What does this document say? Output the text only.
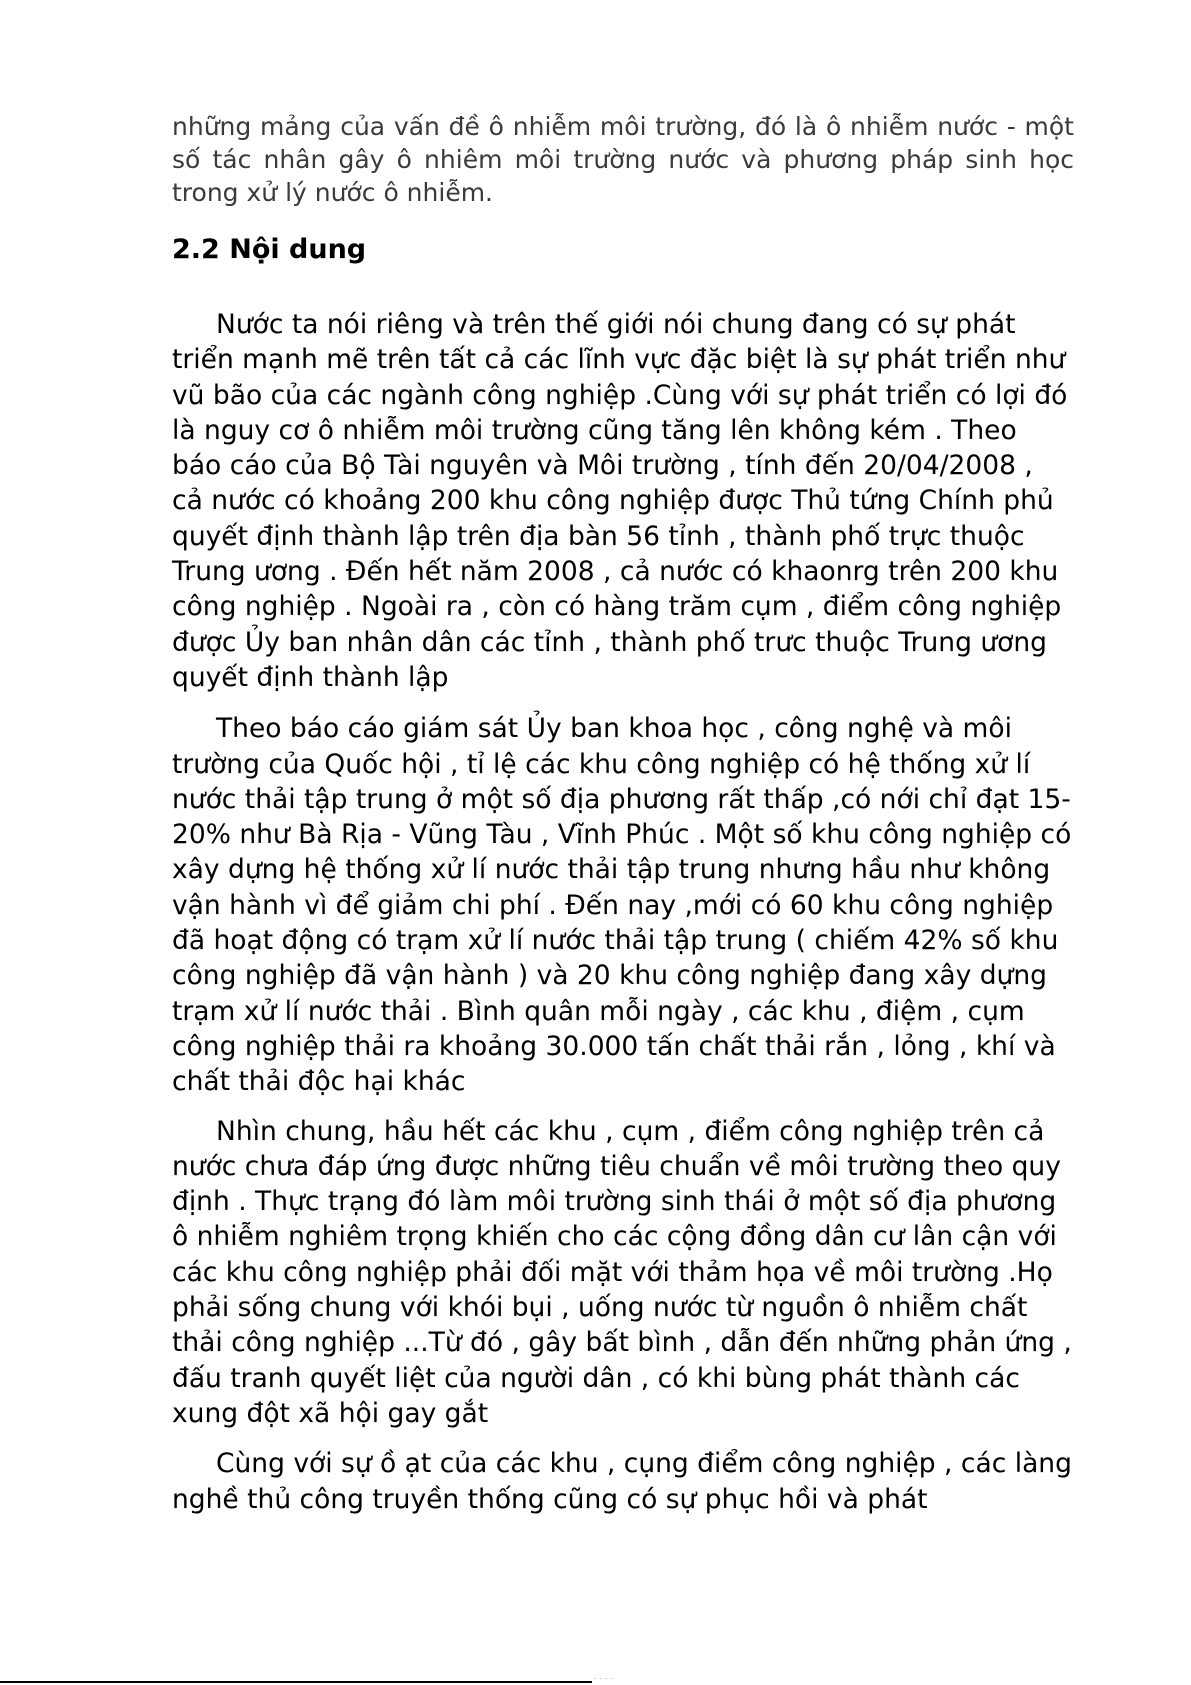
những mảng của vấn đề ô nhiễm môi trường, đó là ô nhiễm nước - một số tác nhân gây ô nhiêm môi trường nước và phương pháp sinh học trong xử lý nước ô nhiễm.

2.2 Nội dung

Nước ta nói riêng và trên thế giới nói chung đang có sự phát triển mạnh mẽ trên tất cả các lĩnh vực đặc biệt là sự phát triển như vũ bão của các ngành công nghiệp .Cùng với sự phát triển có lợi đó là nguy cơ ô nhiễm môi trường cũng tăng lên không kém . Theo báo cáo của Bộ Tài nguyên và Môi trường , tính đến 20/04/2008 , cả nước có khoảng 200 khu công nghiệp được Thủ tứng Chính phủ quyết định thành lập trên địa bàn 56 tỉnh , thành phố trực thuộc Trung ương . Đến hết năm 2008 , cả nước có khaonrg trên 200 khu công nghiệp . Ngoài ra , còn có hàng trăm cụm , điểm công nghiệp được Ủy ban nhân dân các tỉnh , thành phố trưc thuộc Trung ương quyết định thành lập

Theo báo cáo giám sát Ủy ban khoa học , công nghệ và môi trường của Quốc hội , tỉ lệ các khu công nghiệp có hệ thống xử lí nước thải tập trung ở một số địa phương rất thấp ,có nới chỉ đạt 15-20% như Bà Rịa - Vũng Tàu , Vĩnh Phúc . Một số khu công nghiệp có xây dựng hệ thống xử lí nước thải tập trung nhưng hầu như không vận hành vì để giảm chi phí . Đến nay ,mới có 60 khu công nghiệp đã hoạt động có trạm xử lí nước thải tập trung ( chiếm 42% số khu công nghiệp đã vận hành ) và 20 khu công nghiệp đang xây dựng trạm xử lí nước thải . Bình quân mỗi ngày , các khu , điệm , cụm công nghiệp thải ra khoảng 30.000 tấn chất thải rắn , lỏng , khí và chất thải độc hại khác

Nhìn chung, hầu hết các khu , cụm , điểm công nghiệp trên cả nước chưa đáp ứng được những tiêu chuẩn về môi trường theo quy định . Thực trạng đó làm môi trường sinh thái ở một số địa phương ô nhiễm nghiêm trọng khiến cho các cộng đồng dân cư lân cận với các khu công nghiệp phải đối mặt với thảm họa về môi trường .Họ phải sống chung với khói bụi , uống nước từ nguồn ô nhiễm chất thải công nghiệp ...Từ đó , gây bất bình , dẫn đến những phản ứng , đấu tranh quyết liệt của người dân , có khi bùng phát thành các xung đột xã hội gay gắt

Cùng với sự ồ ạt của các khu , cụng điểm công nghiệp , các làng nghề thủ công truyền thống cũng có sự phục hồi và phát

· · · ·
